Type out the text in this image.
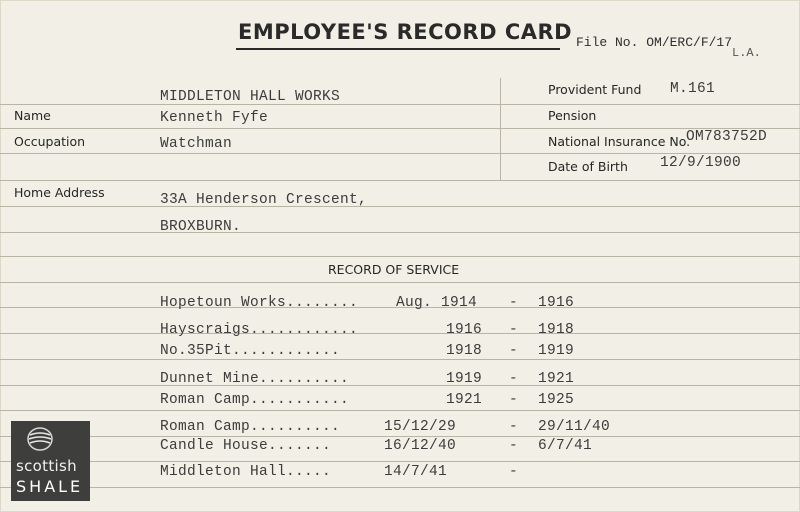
EMPLOYEE'S RECORD CARD File No. OM/ERC/F/17
L.A.
MIDDLETON HALL WORKS
Name	Kenneth Fyfe
Occupation	Watchman
Home Address	33A Henderson Crescent,
BROXBURN.
Provident Fund M.161
Pension
National Insurance No.
OM783752D
Date of Birth 12/9/1900
RECORD OF SERVICE
Hopetoun Works........	Aug. 1914 - 1916
Hayscraigs............	1916 - 1918
No.35Pit............	1918 - 1919
Dunnet Mine..........	1919 - 1921
Roman Camp...........	1921 - 1925
Roman Camp..........	15/12/29	- 29/11/40
Candle House.......	16/12/40	- 6/7/41
Middleton Hall.....	14/7/41	-
scottish
SHALE
